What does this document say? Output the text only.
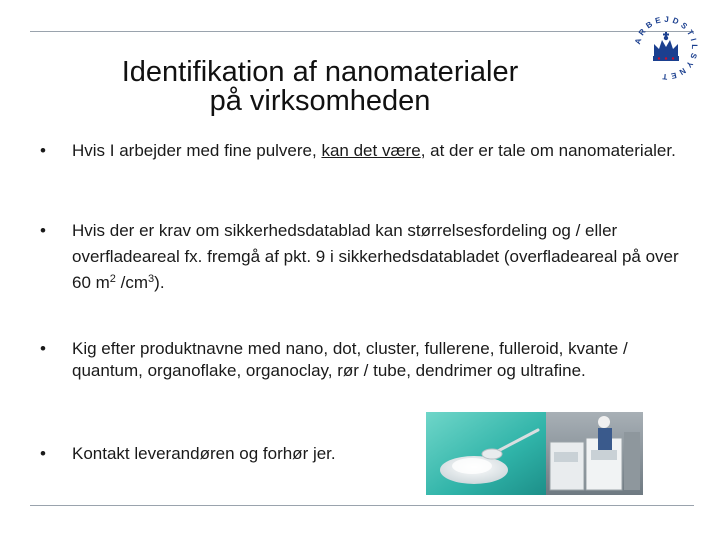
Identifikation af nanomaterialer
på virksomheden
ARBEJDSTILSYNET
• Hvis I arbejder med fine pulvere, kan det være, at der er tale om nanomaterialer.
• Hvis der er krav om sikkerhedsdatablad kan størrelsesfordeling og / eller overfladeareal fx. fremgå af pkt. 9 i sikkerhedsdatabladet (overfladeareal på over 60 $m^2$ $/cm^3$).
• Kig efter produktnavne med nano, dot, cluster, fullerene, fulleroid, kvante / quantum, organoflake, organoclay, rør / tube, dendrimer og ultrafine.
• Kontakt leverandøren og forhør jer.
